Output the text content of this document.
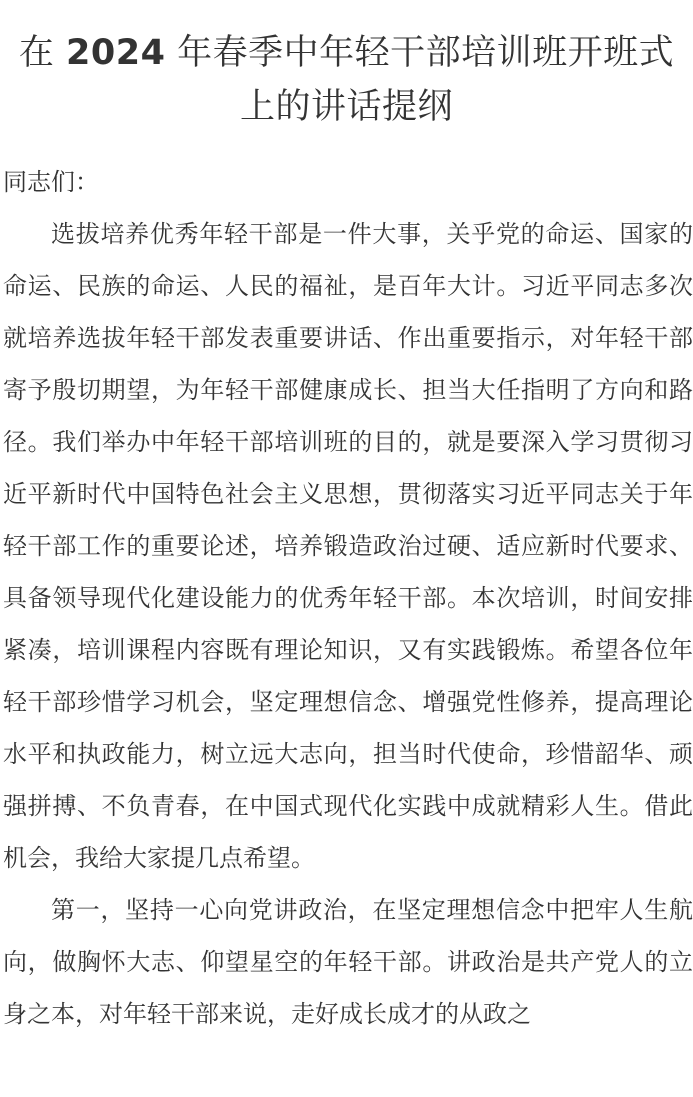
在 2024 年春季中年轻干部培训班开班式上的讲话提纲

同志们：

选拔培养优秀年轻干部是一件大事，关乎党的命运、国家的命运、民族的命运、人民的福祉，是百年大计。习近平同志多次就培养选拔年轻干部发表重要讲话、作出重要指示，对年轻干部寄予殷切期望，为年轻干部健康成长、担当大任指明了方向和路径。我们举办中年轻干部培训班的目的，就是要深入学习贯彻习近平新时代中国特色社会主义思想，贯彻落实习近平同志关于年轻干部工作的重要论述，培养锻造政治过硬、适应新时代要求、具备领导现代化建设能力的优秀年轻干部。本次培训，时间安排紧凑，培训课程内容既有理论知识，又有实践锻炼。希望各位年轻干部珍惜学习机会，坚定理想信念、增强党性修养，提高理论水平和执政能力，树立远大志向，担当时代使命，珍惜韶华、顽强拼搏、不负青春，在中国式现代化实践中成就精彩人生。借此机会，我给大家提几点希望。

第一，坚持一心向党讲政治，在坚定理想信念中把牢人生航向，做胸怀大志、仰望星空的年轻干部。讲政治是共产党人的立身之本，对年轻干部来说，走好成长成才的从政之
